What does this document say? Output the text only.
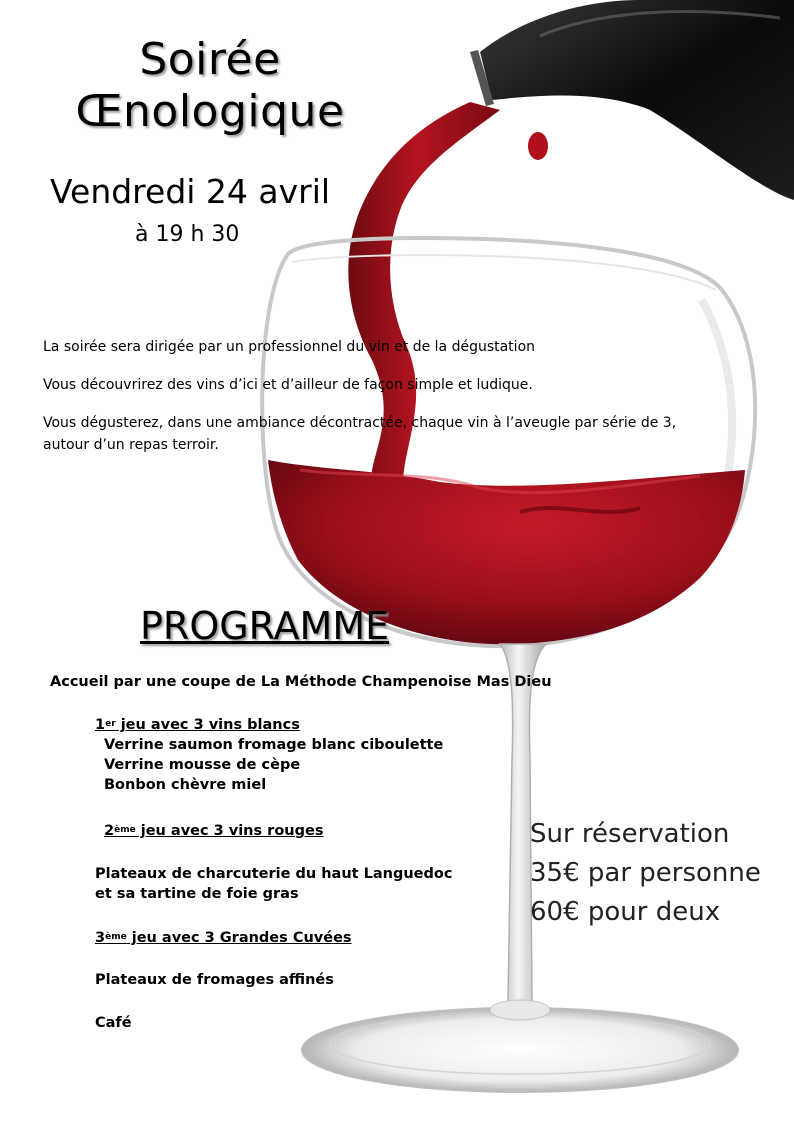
Soirée
Œnologique
Vendredi 24 avril
à 19 h 30
La soirée sera dirigée par un professionnel du vin et de la dégustation
Vous découvrirez des vins d’ici et d’ailleur de façon simple et ludique.
Vous dégusterez, dans une ambiance décontractée, chaque vin à l’aveugle par série de 3,
autour d’un repas terroir.
PROGRAMME
Accueil par une coupe de La Méthode Champenoise Mas Dieu
1er jeu avec 3 vins blancs
Verrine saumon fromage blanc ciboulette
Verrine mousse de cèpe
Bonbon chèvre miel
2ème jeu avec 3 vins rouges
Plateaux de charcuterie du haut Languedoc
et sa tartine de foie gras
3ème jeu avec 3 Grandes Cuvées
Plateaux de fromages affinés
Café
Sur réservation
35€ par personne
60€ pour deux
